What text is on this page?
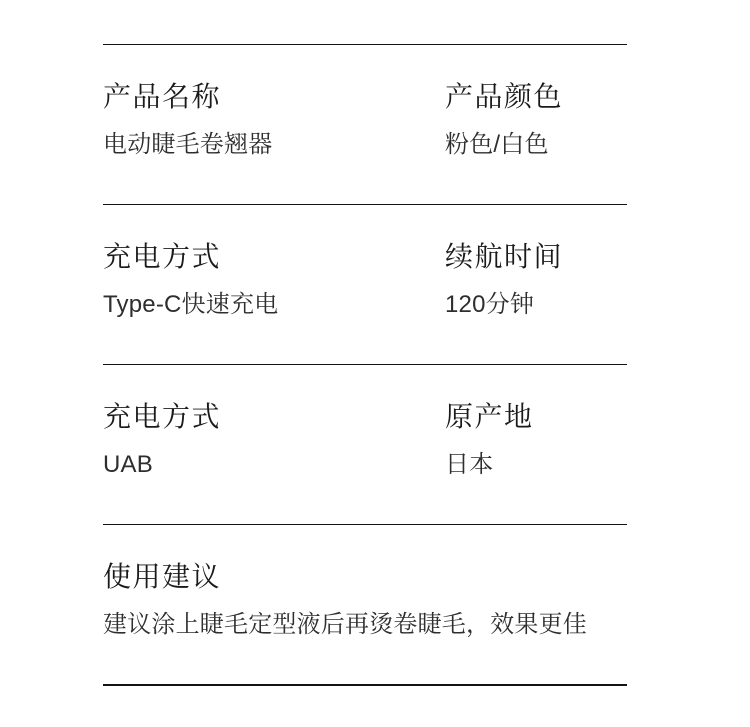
产品名称
电动睫毛卷翘器
产品颜色
粉色/白色
充电方式
Type-C快速充电
续航时间
120分钟
充电方式
UAB
原产地
日本
使用建议
建议涂上睫毛定型液后再烫卷睫毛，效果更佳
